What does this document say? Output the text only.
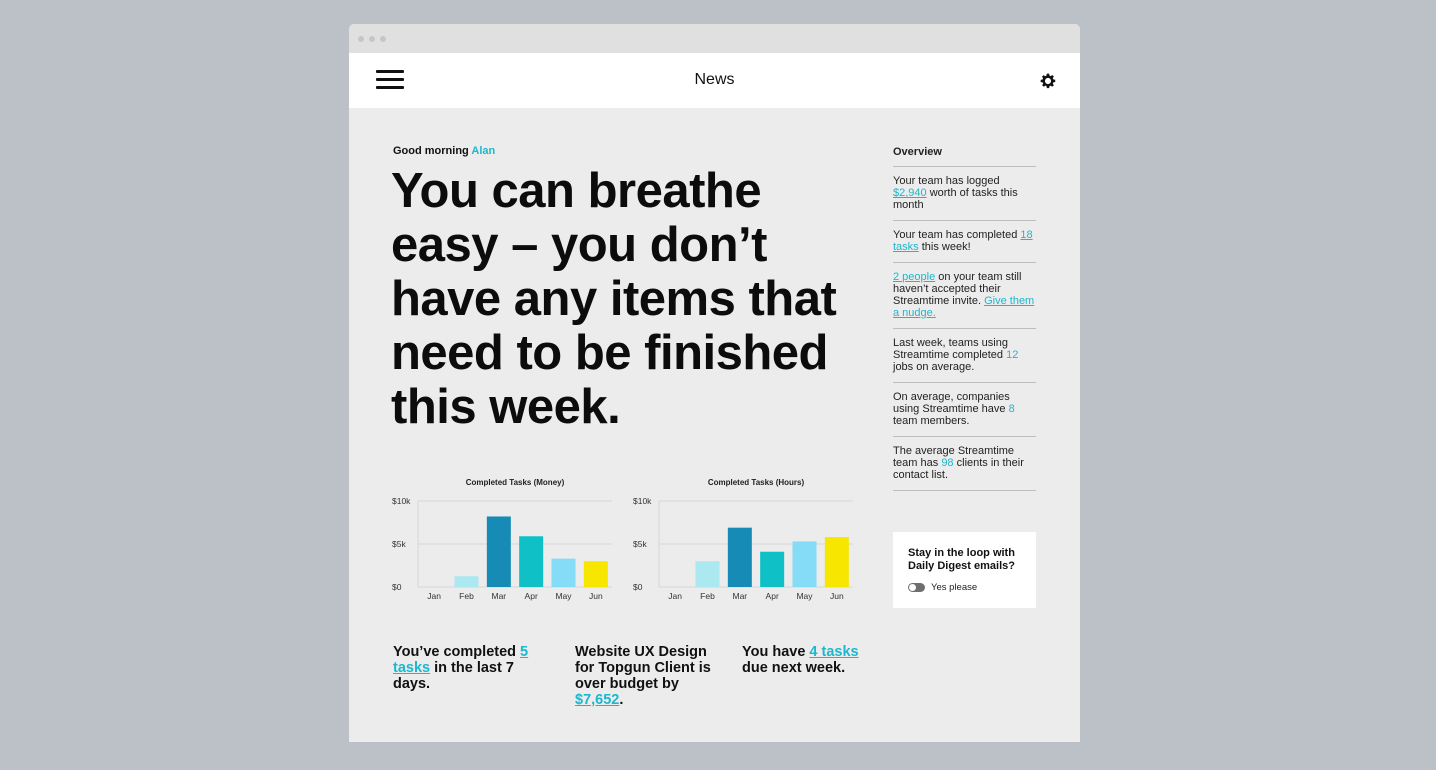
News
Good morning Alan
You can breathe easy – you don’t have any items that need to be finished this week.
Completed Tasks (Money)
$10k
$5k
$0
Jan Feb Mar Apr May Jun
Completed Tasks (Hours)
$10k
$5k
$0
Jan Feb Mar Apr May Jun
You’ve completed 5 tasks in the last 7 days.
Website UX Design for Topgun Client is over budget by $7,652.
You have 4 tasks due next week.
Overview
Your team has logged $2,940 worth of tasks this month
Your team has completed 18 tasks this week!
2 people on your team still haven’t accepted their Streamtime invite. Give them a nudge.
Last week, teams using Streamtime completed 12 jobs on average.
On average, companies using Streamtime have 8 team members.
The average Streamtime team has 98 clients in their contact list.
Stay in the loop with Daily Digest emails?
Yes please
